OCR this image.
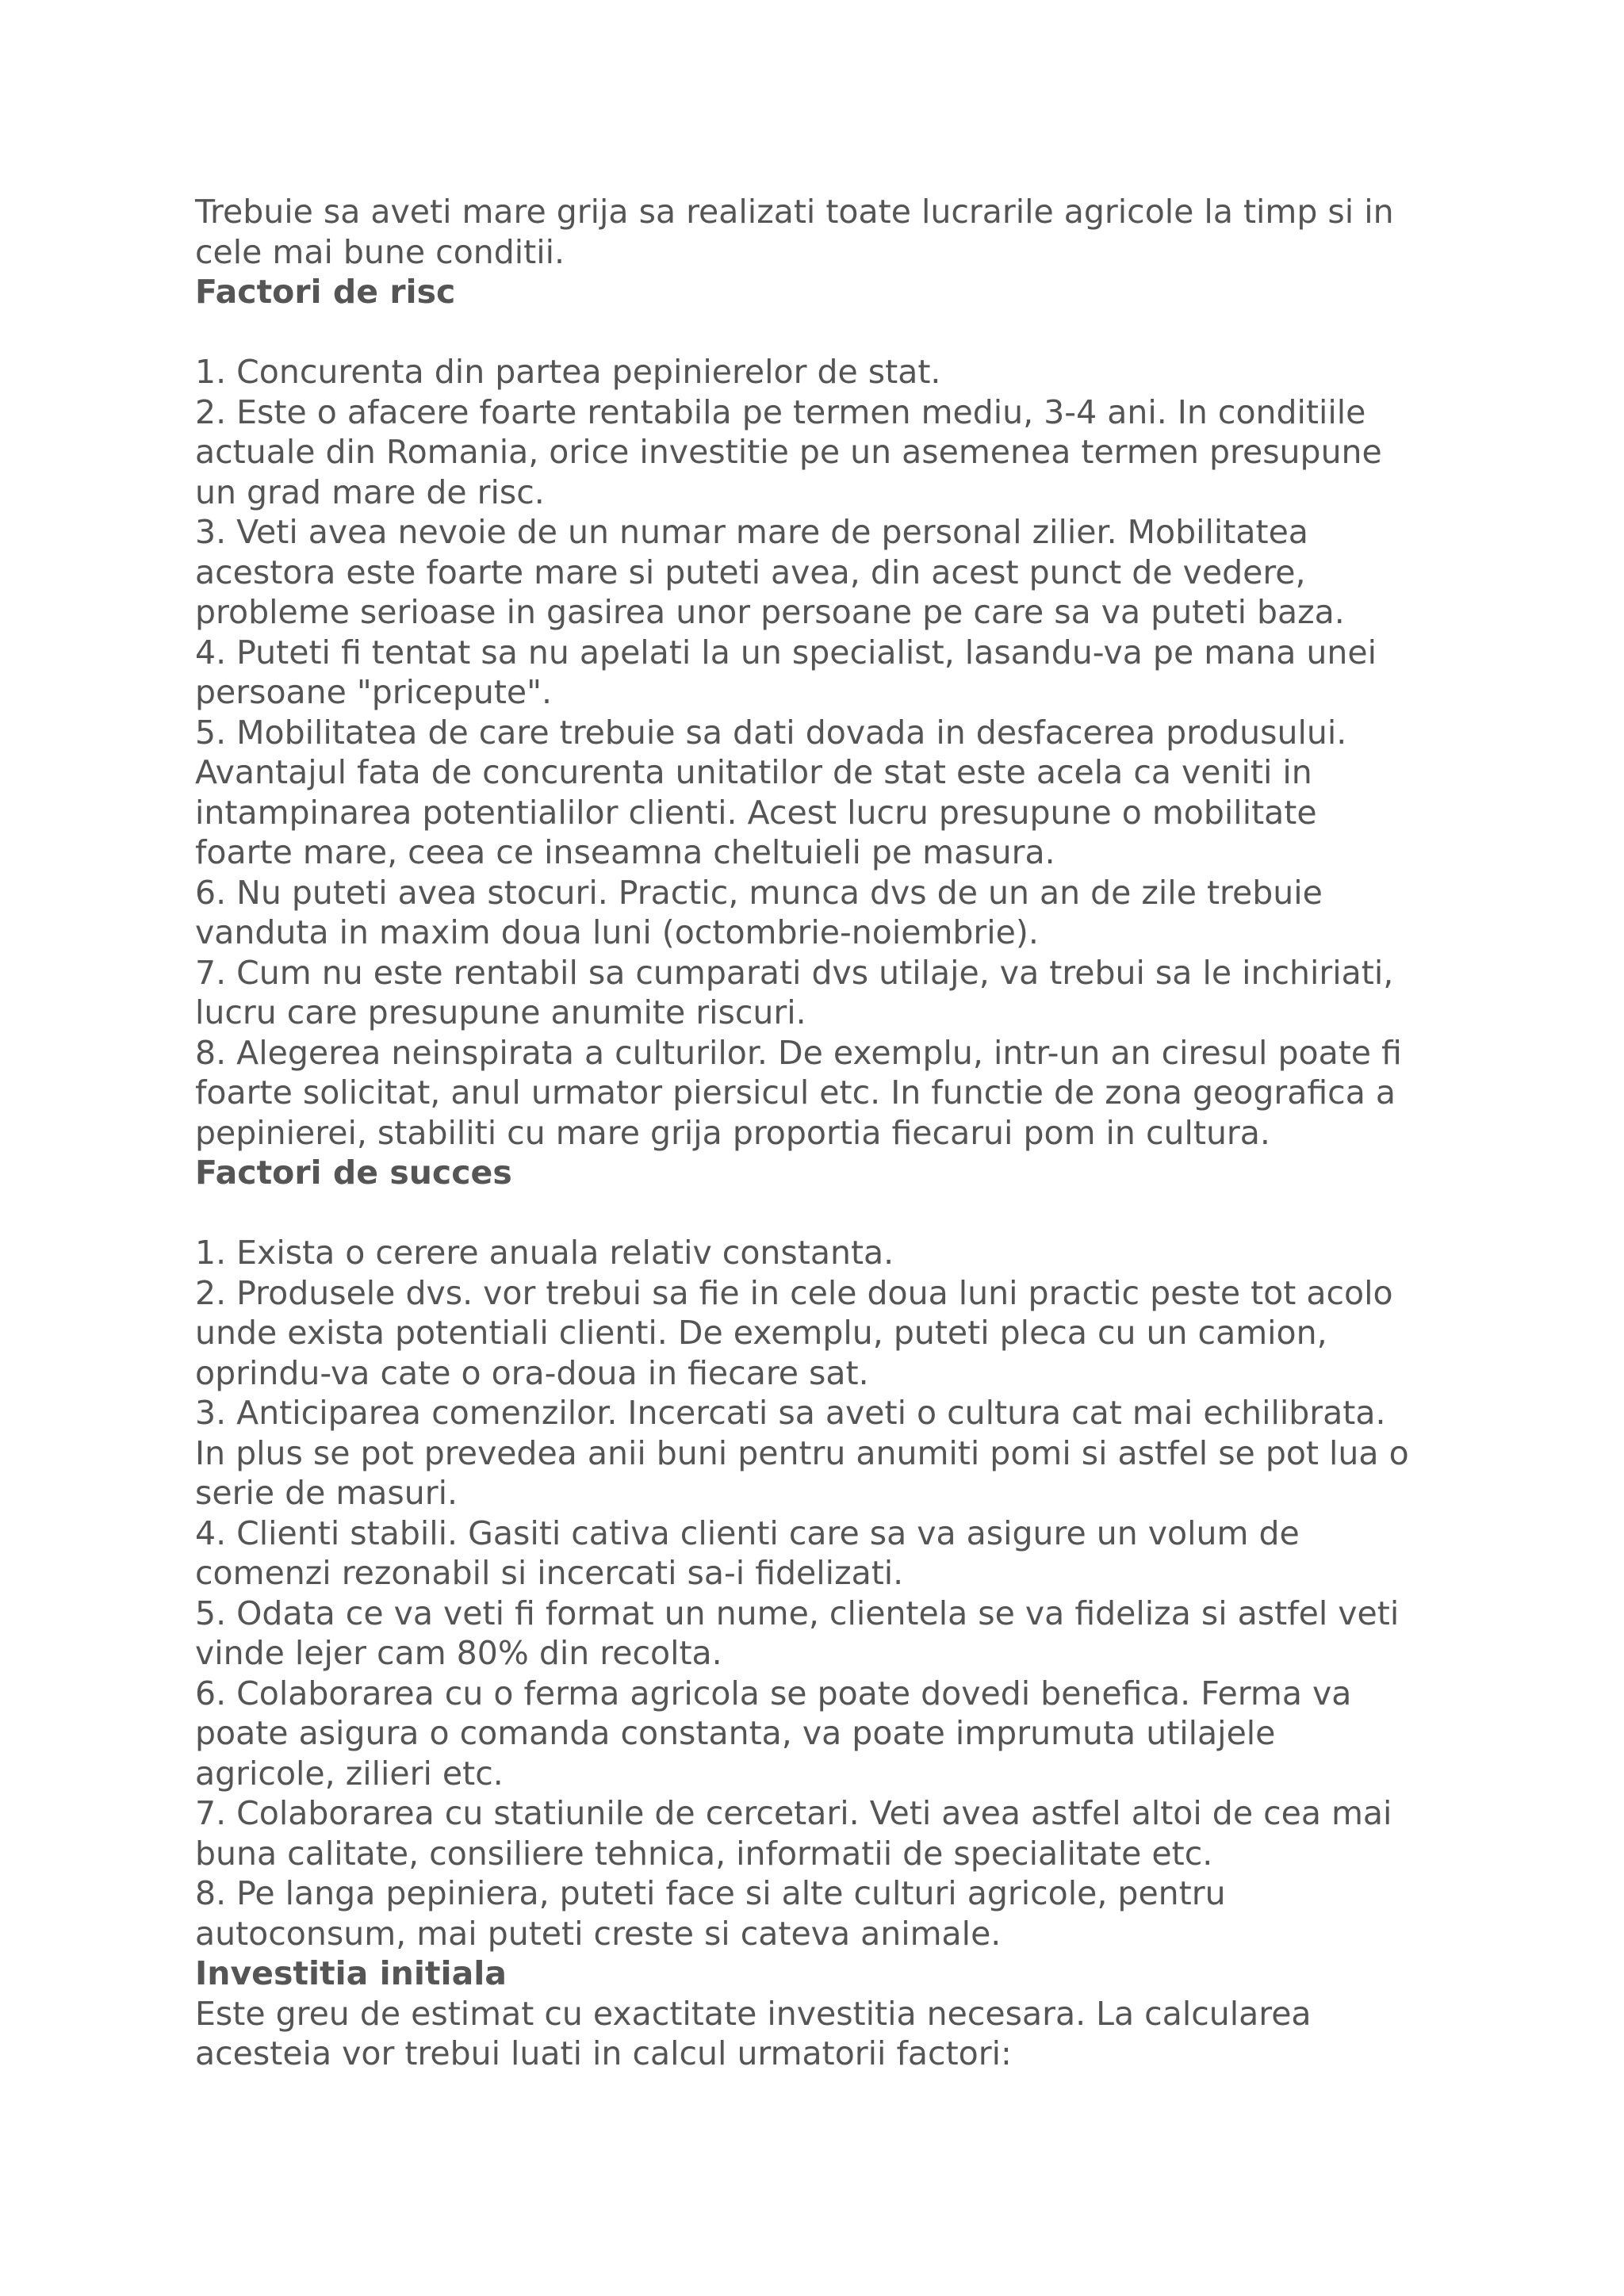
Trebuie sa aveti mare grija sa realizati toate lucrarile agricole la timp si in

cele mai bune conditii.

Factori de risc

1. Concurenta din partea pepinierelor de stat.

2. Este o afacere foarte rentabila pe termen mediu, 3-4 ani. In conditiile

actuale din Romania, orice investitie pe un asemenea termen presupune

un grad mare de risc.

3. Veti avea nevoie de un numar mare de personal zilier. Mobilitatea

acestora este foarte mare si puteti avea, din acest punct de vedere,

probleme serioase in gasirea unor persoane pe care sa va puteti baza.

4. Puteti fi tentat sa nu apelati la un specialist, lasandu-va pe mana unei

persoane "pricepute".

5. Mobilitatea de care trebuie sa dati dovada in desfacerea produsului.

Avantajul fata de concurenta unitatilor de stat este acela ca veniti in

intampinarea potentialilor clienti. Acest lucru presupune o mobilitate

foarte mare, ceea ce inseamna cheltuieli pe masura.

6. Nu puteti avea stocuri. Practic, munca dvs de un an de zile trebuie

vanduta in maxim doua luni (octombrie-noiembrie).

7. Cum nu este rentabil sa cumparati dvs utilaje, va trebui sa le inchiriati,

lucru care presupune anumite riscuri.

8. Alegerea neinspirata a culturilor. De exemplu, intr-un an ciresul poate fi

foarte solicitat, anul urmator piersicul etc. In functie de zona geografica a

pepinierei, stabiliti cu mare grija proportia fiecarui pom in cultura.

Factori de succes

1. Exista o cerere anuala relativ constanta.

2. Produsele dvs. vor trebui sa fie in cele doua luni practic peste tot acolo

unde exista potentiali clienti. De exemplu, puteti pleca cu un camion,

oprindu-va cate o ora-doua in fiecare sat.

3. Anticiparea comenzilor. Incercati sa aveti o cultura cat mai echilibrata.

In plus se pot prevedea anii buni pentru anumiti pomi si astfel se pot lua o

serie de masuri.

4. Clienti stabili. Gasiti cativa clienti care sa va asigure un volum de

comenzi rezonabil si incercati sa-i fidelizati.

5. Odata ce va veti fi format un nume, clientela se va fideliza si astfel veti

vinde lejer cam 80% din recolta.

6. Colaborarea cu o ferma agricola se poate dovedi benefica. Ferma va

poate asigura o comanda constanta, va poate imprumuta utilajele

agricole, zilieri etc.

7. Colaborarea cu statiunile de cercetari. Veti avea astfel altoi de cea mai

buna calitate, consiliere tehnica, informatii de specialitate etc.

8. Pe langa pepiniera, puteti face si alte culturi agricole, pentru

autoconsum, mai puteti creste si cateva animale.

Investitia initiala

Este greu de estimat cu exactitate investitia necesara. La calcularea

acesteia vor trebui luati in calcul urmatorii factori:
